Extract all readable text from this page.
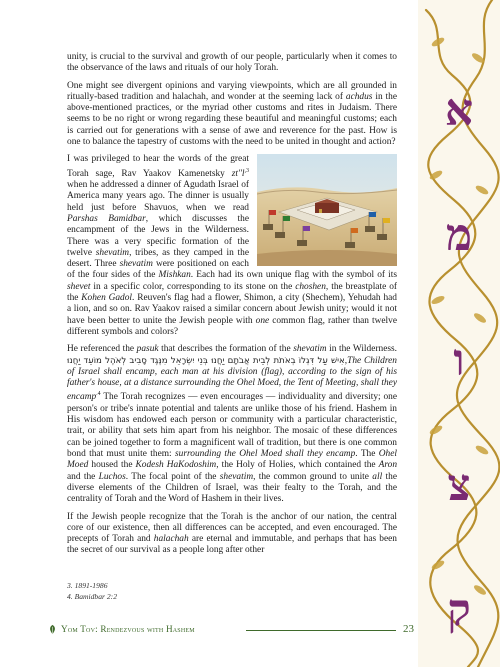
unity, is crucial to the survival and growth of our people, particularly when it comes to the observance of the laws and rituals of our holy Torah.

One might see divergent opinions and varying viewpoints, which are all grounded in ritually-based tradition and halachah, and wonder at the seeming lack of achdus in the above-mentioned practices, or the myriad other customs and rites in Judaism. There seems to be no right or wrong regarding these beautiful and meaningful customs; each is carried out for generations with a sense of awe and reverence for the past. How is one to balance the tapestry of customs with the need to be united in thought and action?

I was privileged to hear the words of the great Torah sage, Rav Yaakov Kamenetsky $zt"l^{,3}$ when he addressed a dinner of Agudath Israel of America many years ago. The dinner is usually held just before Shavuos, when we read Parshas Bamidbar, which discusses the encampment of the Jews in the Wilderness. There was a very specific formation of the twelve shevatim, tribes, as they camped in the desert. Three shevatim were positioned on each of the four sides of the Mishkan. Each had its own unique flag with the symbol of its shevet in a specific color, corresponding to its stone on the choshen, the breastplate of the Kohen Gadol. Reuven's flag had a flower, Shimon, a city (Shechem), Yehudah had a lion, and so on. Rav Yaakov raised a similar concern about Jewish unity; would it not have been better to unite the Jewish people with one common flag, rather than twelve different symbols and colors?

He referenced the pasuk that describes the formation of the shevatim in the Wilderness. אִישׁ עַל דִּגְלוֹ בְאֹתֹת לְבֵית אֲבֹתָם יַחֲנוּ בְּנֵי יִשְׂרָאֵל מִנֶּגֶד סָבִיב לְאֹהֶל מוֹעֵד יַחֲנוּ,The Children of Israel shall encamp, each man at his division (flag), according to the sign of his father's house, at a distance surrounding the Ohel Moed, the Tent of Meeting, shall they encamp$^{.4}$ The Torah recognizes — even encourages — individuality and diversity; one person's or tribe's innate potential and talents are unlike those of his friend. Hashem in His wisdom has endowed each person or community with a particular characteristic, trait, or ability that sets him apart from his neighbor. The mosaic of these differences can be joined together to form a magnificent wall of tradition, but there is one common bond that must unite them: surrounding the Ohel Moed shall they encamp. The Ohel Moed housed the Kodesh HaKodoshim, the Holy of Holies, which contained the Aron and the Luchos. The focal point of the shevatim, the common ground to unite all the diverse elements of the Children of Israel, was their fealty to the Torah, and the centrality of Torah and the Word of Hashem in their lives.

If the Jewish people recognize that the Torah is the anchor of our nation, the central core of our existence, then all differences can be accepted, and even encouraged. The precepts of Torah and halachah are eternal and immutable, and perhaps that has been the secret of our survival as a people long after other

3. 1891-1986
4. Bamidbar 2:2
Yom Tov: Rendezvous with Hashem	23
א
מ
ו
צ
ק
